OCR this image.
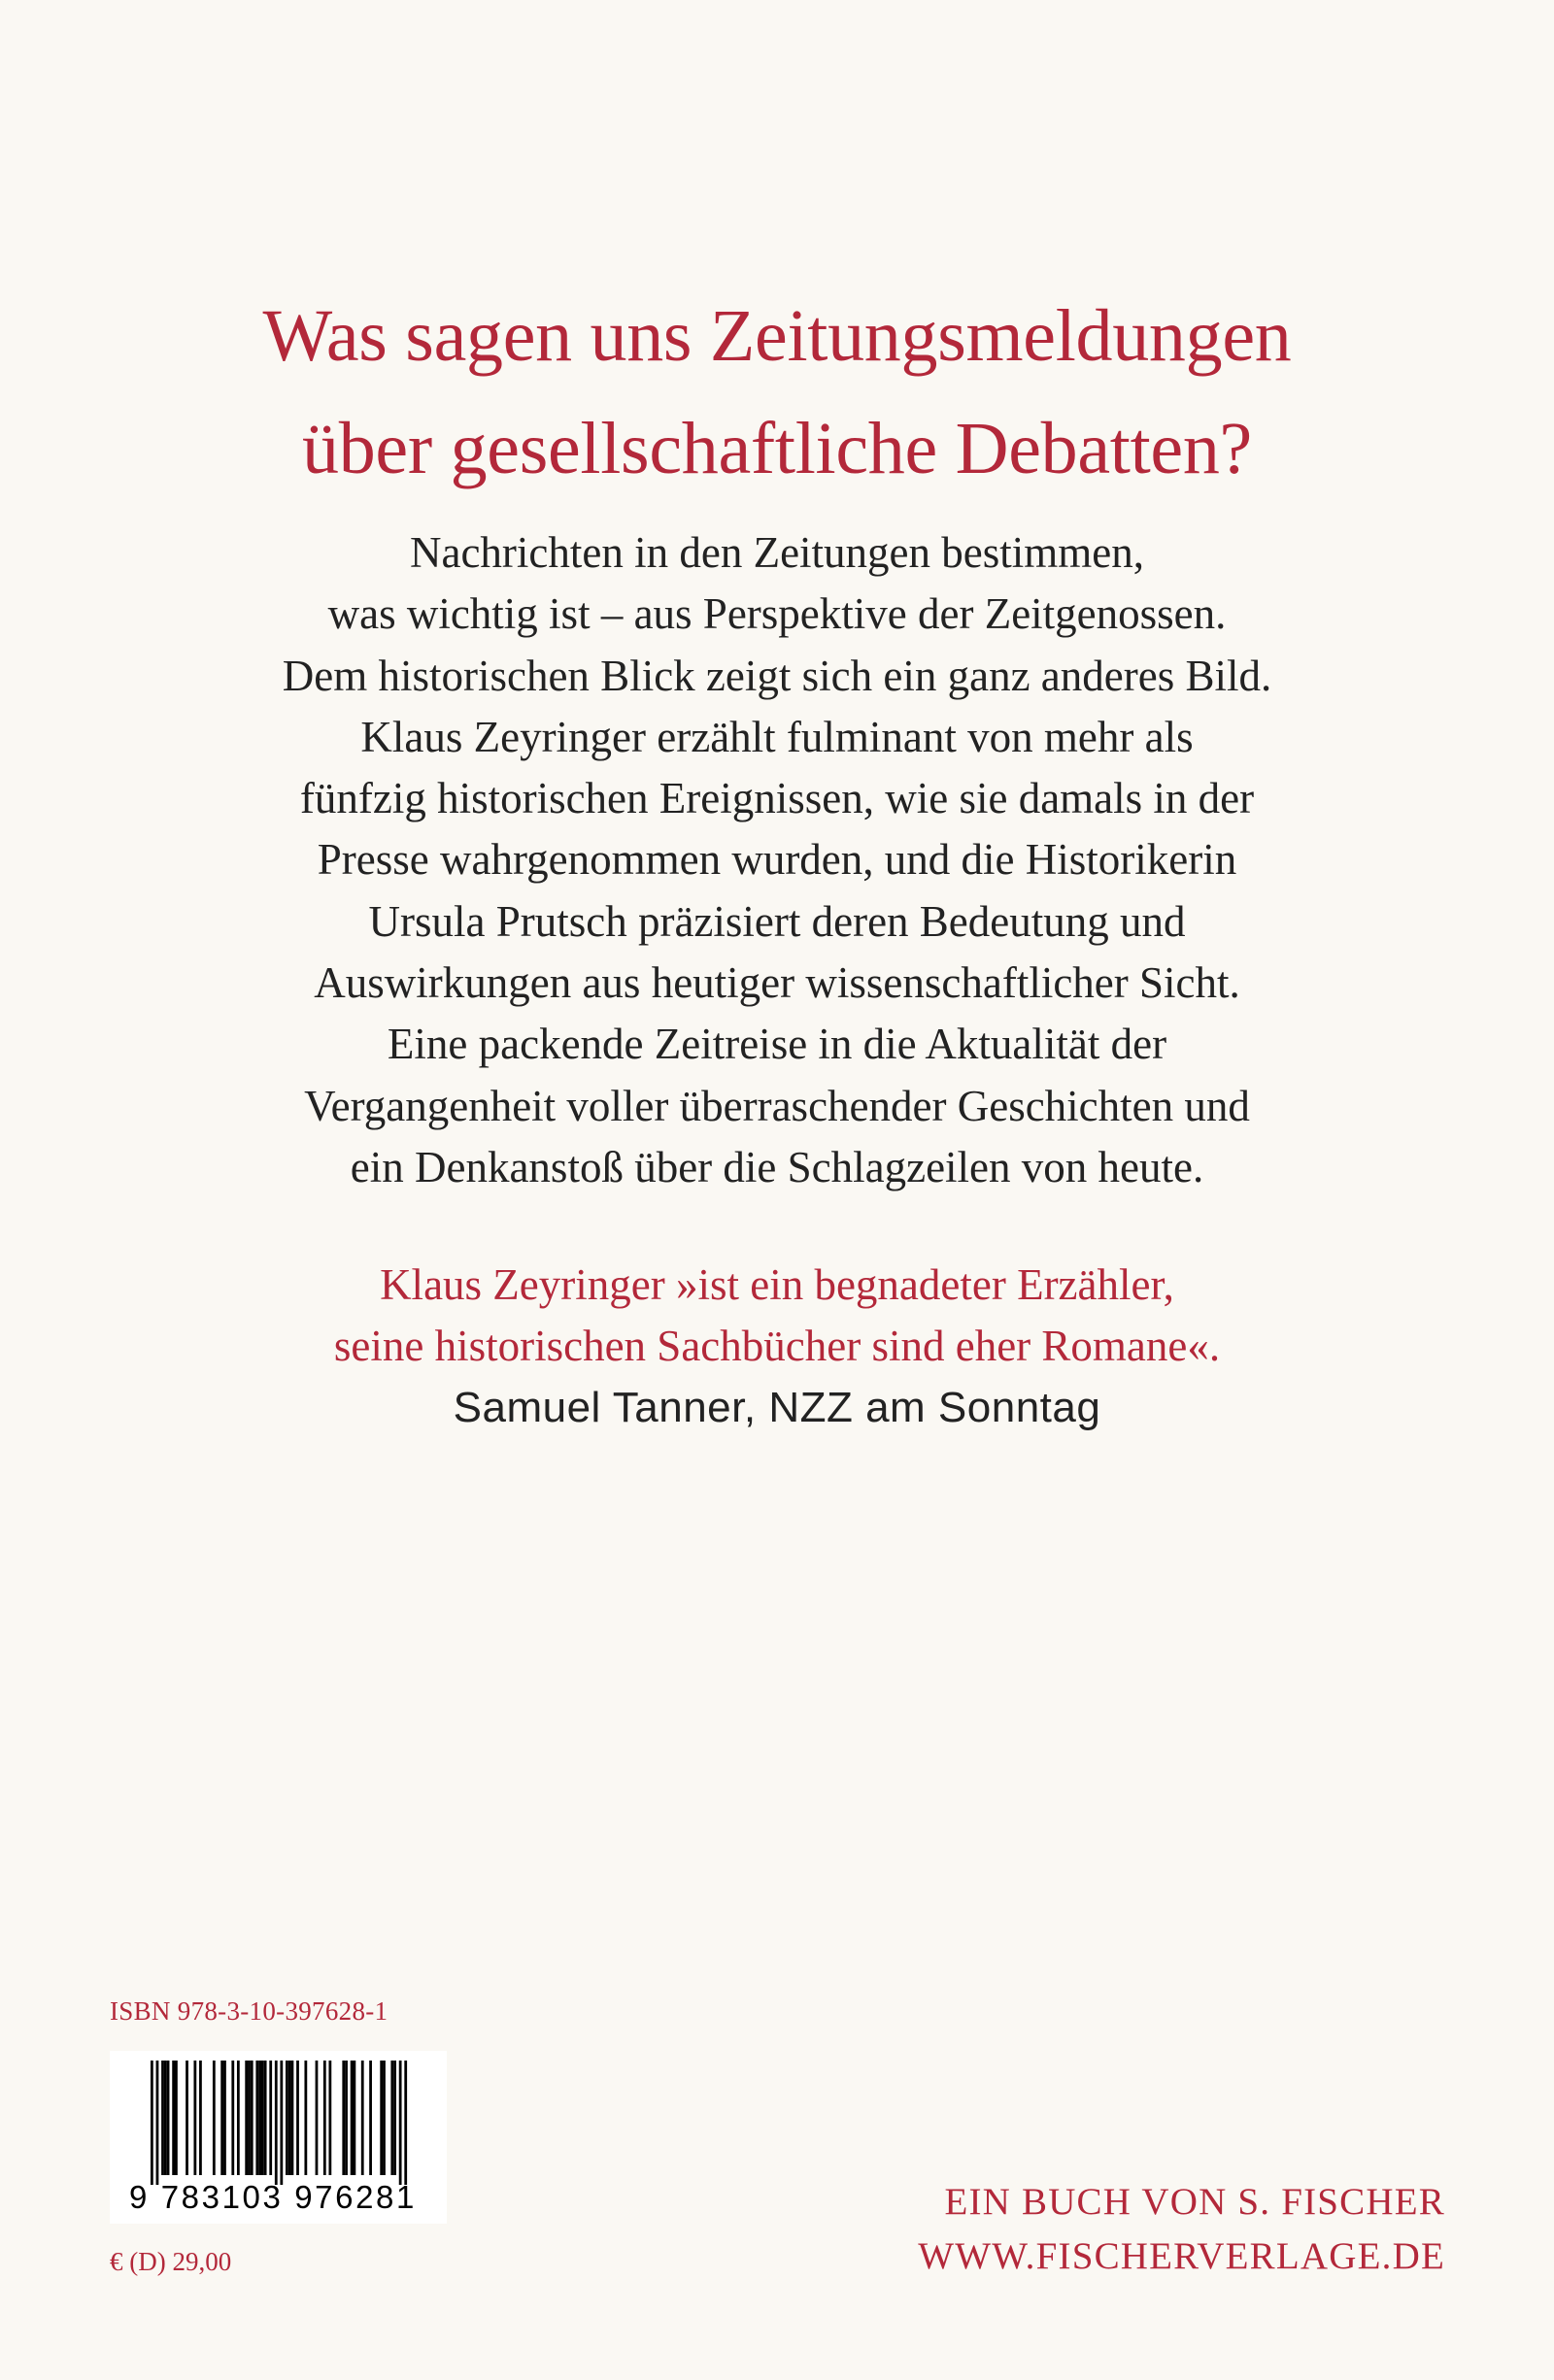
Was sagen uns Zeitungsmeldungen
über gesellschaftliche Debatten?

Nachrichten in den Zeitungen bestimmen,
was wichtig ist – aus Perspektive der Zeitgenossen.
Dem historischen Blick zeigt sich ein ganz anderes Bild.
Klaus Zeyringer erzählt fulminant von mehr als
fünfzig historischen Ereignissen, wie sie damals in der
Presse wahrgenommen wurden, und die Historikerin
Ursula Prutsch präzisiert deren Bedeutung und
Auswirkungen aus heutiger wissenschaftlicher Sicht.
Eine packende Zeitreise in die Aktualität der
Vergangenheit voller überraschender Geschichten und
ein Denkanstoß über die Schlagzeilen von heute.

Klaus Zeyringer »ist ein begnadeter Erzähler,
seine historischen Sachbücher sind eher Romane«.

Samuel Tanner, NZZ am Sonntag

ISBN 978-3-10-397628-1
9 783103 976281
€ (D) 29,00
EIN BUCH VON S. FISCHER
WWW.FISCHERVERLAGE.DE
